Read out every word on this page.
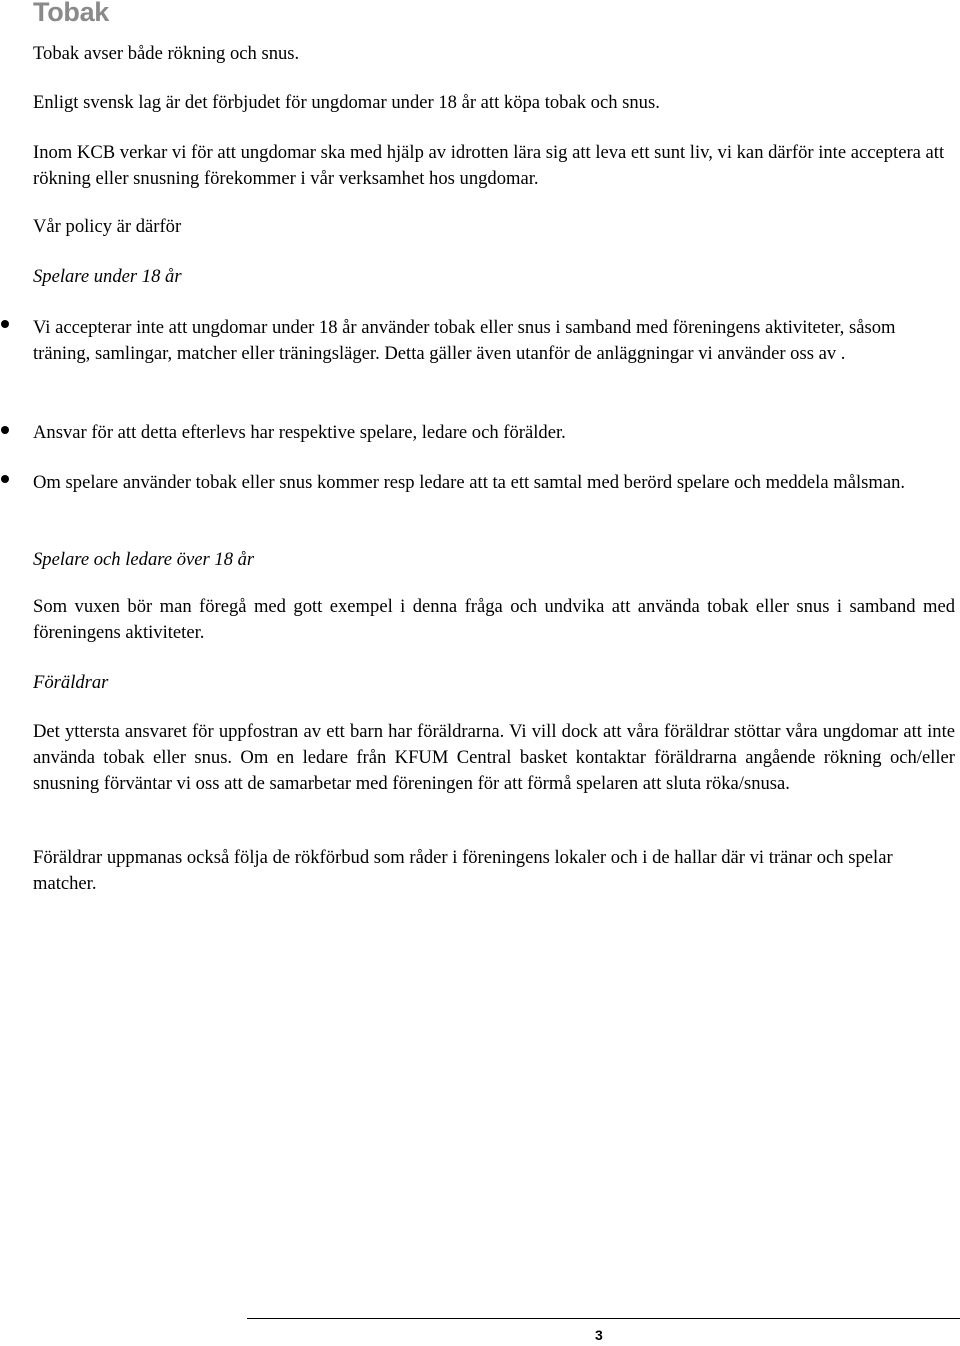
Tobak

Tobak avser både rökning och snus.

Enligt svensk lag är det förbjudet för ungdomar under 18 år att köpa tobak och snus.

Inom KCB verkar vi för att ungdomar ska med hjälp av idrotten lära sig att leva ett sunt liv, vi kan därför inte acceptera att rökning eller snusning förekommer i vår verksamhet hos ungdomar.

Vår policy är därför

Spelare under 18 år

Vi accepterar inte att ungdomar under 18 år använder tobak eller snus i samband med föreningens aktiviteter, såsom träning, samlingar, matcher eller träningsläger. Detta gäller även utanför de anläggningar vi använder oss av .

Ansvar för att detta efterlevs har respektive spelare, ledare och förälder.

Om spelare använder tobak eller snus kommer resp ledare att ta ett samtal med berörd spelare och meddela målsman.

Spelare och ledare över 18 år

Som vuxen bör man föregå med gott exempel i denna fråga och undvika att använda tobak eller snus i samband med föreningens aktiviteter.

Föräldrar

Det yttersta ansvaret för uppfostran av ett barn har föräldrarna. Vi vill dock att våra föräldrar stöttar våra ungdomar att inte använda tobak eller snus. Om en ledare från KFUM Central basket kontaktar föräldrarna angående rökning och/eller snusning förväntar vi oss att de samarbetar med föreningen för att förmå spelaren att sluta röka/snusa.

Föräldrar uppmanas också följa de rökförbud som råder i föreningens lokaler och i de hallar där vi tränar och spelar matcher.

3
